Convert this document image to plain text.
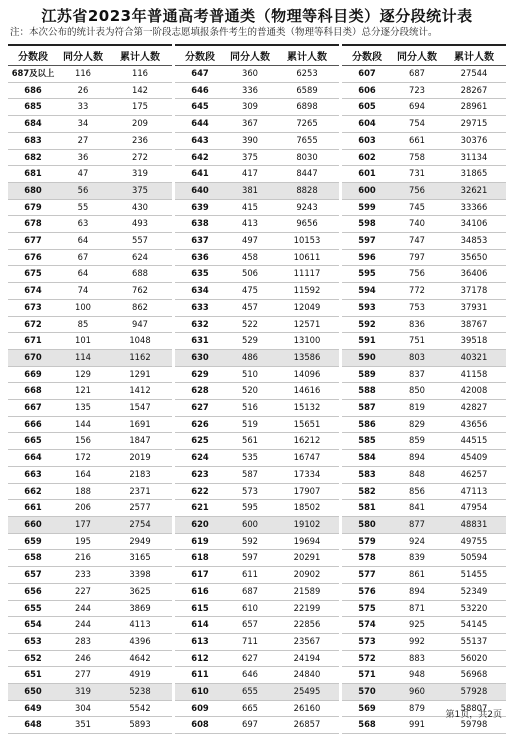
江苏省2023年普通高考普通类（物理等科目类）逐分段统计表
注：本次公布的统计表为符合第一阶段志愿填报条件考生的普通类（物理等科目类）总分逐分段统计。
分数段	同分人数	累计人数
687及以上	116	116
686	26	142
685	33	175
684	34	209
683	27	236
682	36	272
681	47	319
680	56	375
679	55	430
678	63	493
677	64	557
676	67	624
675	64	688
674	74	762
673	100	862
672	85	947
671	101	1048
670	114	1162
669	129	1291
668	121	1412
667	135	1547
666	144	1691
665	156	1847
664	172	2019
663	164	2183
662	188	2371
661	206	2577
660	177	2754
659	195	2949
658	216	3165
657	233	3398
656	227	3625
655	244	3869
654	244	4113
653	283	4396
652	246	4642
651	277	4919
650	319	5238
649	304	5542
648	351	5893
分数段	同分人数	累计人数
647	360	6253
646	336	6589
645	309	6898
644	367	7265
643	390	7655
642	375	8030
641	417	8447
640	381	8828
639	415	9243
638	413	9656
637	497	10153
636	458	10611
635	506	11117
634	475	11592
633	457	12049
632	522	12571
631	529	13100
630	486	13586
629	510	14096
628	520	14616
627	516	15132
626	519	15651
625	561	16212
624	535	16747
623	587	17334
622	573	17907
621	595	18502
620	600	19102
619	592	19694
618	597	20291
617	611	20902
616	687	21589
615	610	22199
614	657	22856
613	711	23567
612	627	24194
611	646	24840
610	655	25495
609	665	26160
608	697	26857
分数段	同分人数	累计人数
607	687	27544
606	723	28267
605	694	28961
604	754	29715
603	661	30376
602	758	31134
601	731	31865
600	756	32621
599	745	33366
598	740	34106
597	747	34853
596	797	35650
595	756	36406
594	772	37178
593	753	37931
592	836	38767
591	751	39518
590	803	40321
589	837	41158
588	850	42008
587	819	42827
586	829	43656
585	859	44515
584	894	45409
583	848	46257
582	856	47113
581	841	47954
580	877	48831
579	924	49755
578	839	50594
577	861	51455
576	894	52349
575	871	53220
574	925	54145
573	992	55137
572	883	56020
571	948	56968
570	960	57928
569	879	58807
568	991	59798
第1页，共2页
